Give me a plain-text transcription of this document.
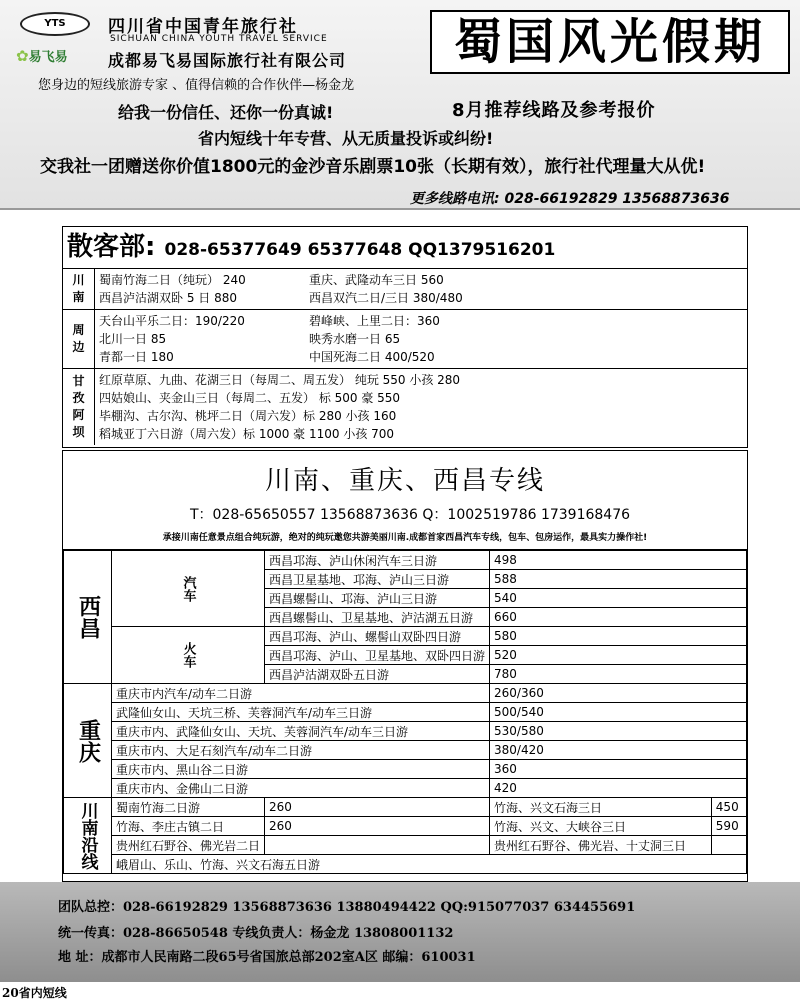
YTS	四川省中国青年旅行社
SICHUAN CHINA YOUTH TRAVEL SERVICE
✿易飞易	成都易飞易国际旅行社有限公司
您身边的短线旅游专家 、值得信赖的合作伙伴—杨金龙
蜀国风光假期
给我一份信任、还你一份真诚!	8月推荐线路及参考报价
省内短线十年专营、从无质量投诉或纠纷!
交我社一团赠送你价值1800元的金沙音乐剧票10张（长期有效），旅行社代理量大从优!
更多线路电讯: 028-66192829 13568873636
散客部: 028-65377649 65377648 QQ1379516201
川
南
蜀南竹海二日（纯玩） 240	重庆、武隆动车三日 560
西昌泸沽湖双卧 5 日 880	西昌双汽二日/三日 380/480
周
边
天台山平乐二日：190/220	碧峰峡、上里二日：360
北川一日 85	映秀水磨一日 65
青都一日 180	中国死海二日 400/520
甘
孜
阿
坝
红原草原、九曲、花湖三日（每周二、周五发） 纯玩 550 小孩 280
四姑娘山、夹金山三日（每周二、五发） 标 500 豪 550
毕棚沟、古尔沟、桃坪二日（周六发）标 280 小孩 160
稻城亚丁六日游（周六发）标 1000 豪 1100 小孩 700
川南、重庆、西昌专线
T：028-65650557 13568873636 Q：1002519786 1739168476
承接川南任意景点组合纯玩游，绝对的纯玩邀您共游美丽川南.成都首家西昌汽车专线，包车、包房运作，最具实力操作社!
西昌	汽车	西昌邛海、泸山休闲汽车三日游	498	
		西昌卫星基地、邛海、泸山三日游	588	
		西昌螺髻山、邛海、泸山三日游	540	
		西昌螺髻山、卫星基地、泸沽湖五日游	660	
	火车	西昌邛海、泸山、螺髻山双卧四日游	580	
		西昌邛海、泸山、卫星基地、双卧四日游	520	
		西昌泸沽湖双卧五日游	780	
重庆	重庆市内汽车/动车二日游		260/360	
	武隆仙女山、天坑三桥、芙蓉洞汽车/动车三日游		500/540	
	重庆市内、武隆仙女山、天坑、芙蓉洞汽车/动车三日游		530/580	
	重庆市内、大足石刻汽车/动车二日游		380/420	
	重庆市内、黑山谷二日游		360	
	重庆市内、金佛山二日游		420	
川南沿线	蜀南竹海二日游	260	竹海、兴文石海三日	450
	竹海、李庄古镇二日	260	竹海、兴文、大峡谷三日	590
	贵州红石野谷、佛光岩二日		贵州红石野谷、佛光岩、十丈洞三日	
	峨眉山、乐山、竹海、兴文石海五日游			
团队总控：028-66192829 13568873636 13880494422 QQ:915077037 634455691
统一传真：028-86650548 专线负责人：杨金龙 13808001132
地 址：成都市人民南路二段65号省国旅总部202室A区 邮编：610031
20省内短线
